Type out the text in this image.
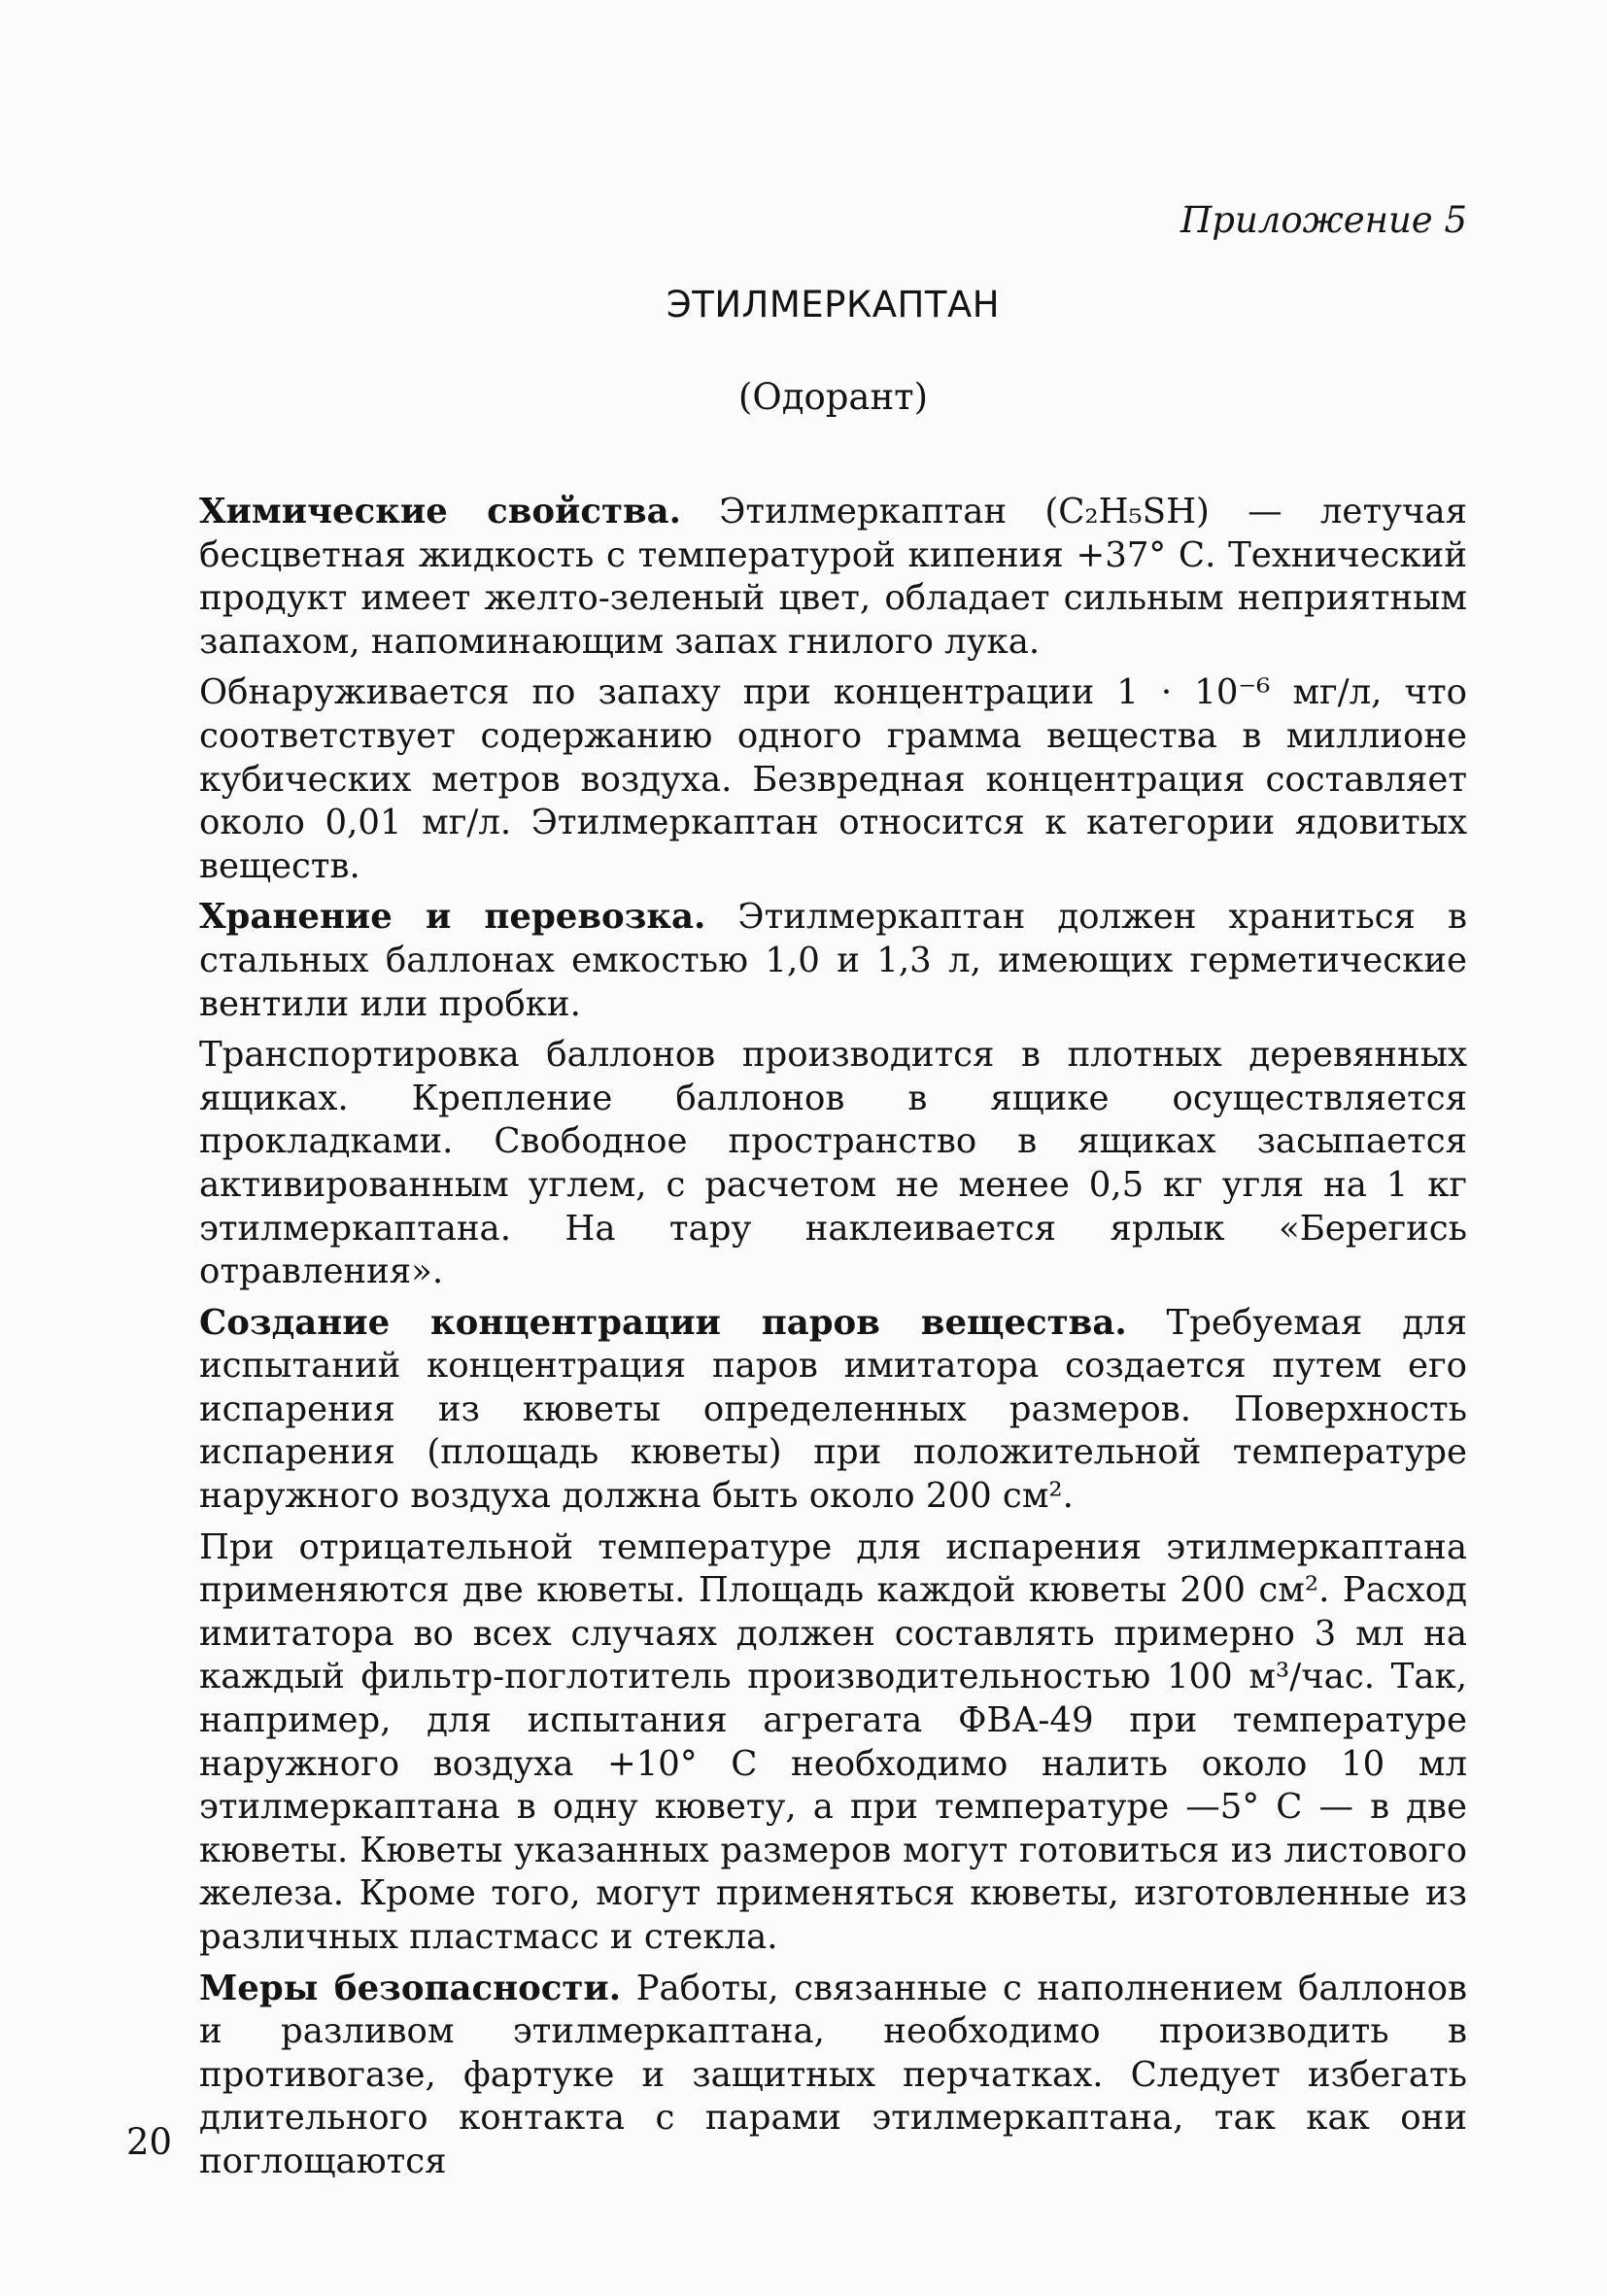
Приложение 5
ЭТИЛМЕРКАПТАН
(Одорант)

Химические свойства. Этилмеркаптан (C₂H₅SH) — летучая бесцветная жидкость с температурой кипения +37° С. Технический продукт имеет желто-зеленый цвет, обладает сильным неприятным запахом, напоминающим запах гнилого лука.

Обнаруживается по запаху при концентрации 1 · 10⁻⁶ мг/л, что соответствует содержанию одного грамма вещества в миллионе кубических метров воздуха. Безвредная концентрация составляет около 0,01 мг/л. Этилмеркаптан относится к категории ядовитых веществ.

Хранение и перевозка. Этилмеркаптан должен храниться в стальных баллонах емкостью 1,0 и 1,3 л, имеющих герметические вентили или пробки.

Транспортировка баллонов производится в плотных деревянных ящиках. Крепление баллонов в ящике осуществляется прокладками. Свободное пространство в ящиках засыпается активированным углем, с расчетом не менее 0,5 кг угля на 1 кг этилмеркаптана. На тару наклеивается ярлык «Берегись отравления».

Создание концентрации паров вещества. Требуемая для испытаний концентрация паров имитатора создается путем его испарения из кюветы определенных размеров. Поверхность испарения (площадь кюветы) при положительной температуре наружного воздуха должна быть около 200 см².

При отрицательной температуре для испарения этилмеркаптана применяются две кюветы. Площадь каждой кюветы 200 см². Расход имитатора во всех случаях должен составлять примерно 3 мл на каждый фильтр-поглотитель производительностью 100 м³/час. Так, например, для испытания агрегата ФВА-49 при температуре наружного воздуха +10° С необходимо налить около 10 мл этилмеркаптана в одну кювету, а при температуре —5° С — в две кюветы. Кюветы указанных размеров могут готовиться из листового железа. Кроме того, могут применяться кюветы, изготовленные из различных пластмасс и стекла.

Меры безопасности. Работы, связанные с наполнением баллонов и разливом этилмеркаптана, необходимо производить в противогазе, фартуке и защитных перчатках. Следует избегать длительного контакта с парами этилмеркаптана, так как они поглощаются

20
